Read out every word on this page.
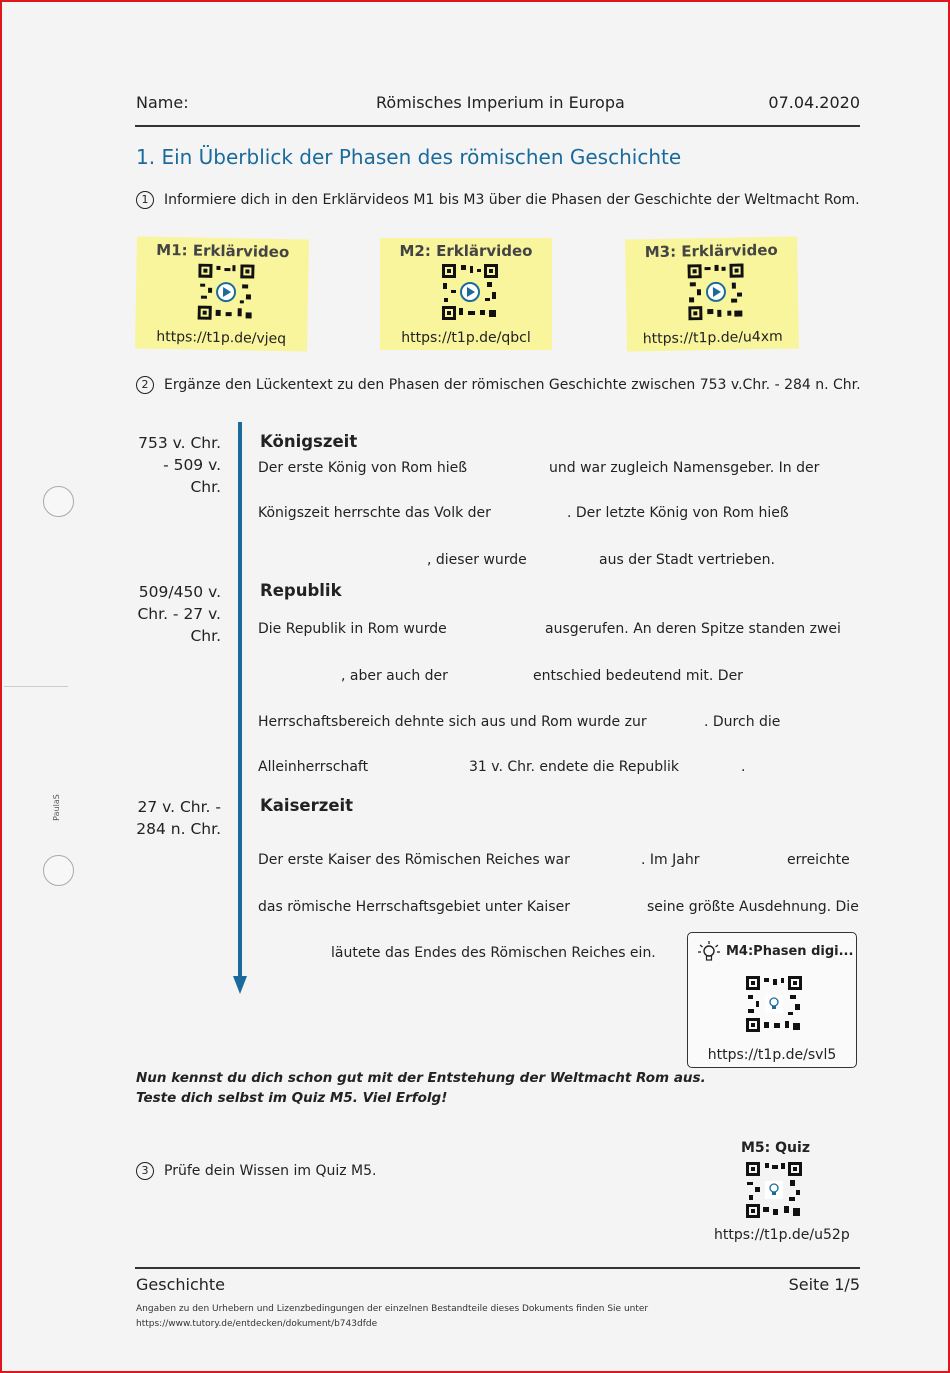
Name:	Römisches Imperium in Europa	07.04.2020
1. Ein Überblick der Phasen des römischen Geschichte
1 Informiere dich in den Erklärvideos M1 bis M3 über die Phasen der Geschichte der Weltmacht Rom.
M1: Erklärvideo
https://t1p.de/vjeq
M2: Erklärvideo
https://t1p.de/qbcl
M3: Erklärvideo
https://t1p.de/u4xm
2 Ergänze den Lückentext zu den Phasen der römischen Geschichte zwischen 753 v.Chr. - 284 n. Chr.
753 v. Chr.
- 509 v.
Chr.
Königszeit
Der erste König von Rom hieß	und war zugleich Namensgeber. In der
Königszeit herrschte das Volk der	. Der letzte König von Rom hieß
, dieser wurde	aus der Stadt vertrieben.
509/450 v.
Chr. - 27 v.
Chr.
Republik
Die Republik in Rom wurde	ausgerufen. An deren Spitze standen zwei
, aber auch der	entschied bedeutend mit. Der
Herrschaftsbereich dehnte sich aus und Rom wurde zur	. Durch die
Alleinherrschaft	31 v. Chr. endete die Republik	.
27 v. Chr. -
284 n. Chr.
Kaiserzeit
Der erste Kaiser des Römischen Reiches war	. Im Jahr	erreichte
das römische Herrschaftsgebiet unter Kaiser	seine größte Ausdehnung. Die
läutete das Endes des Römischen Reiches ein.	M4:Phasen digi...
https://t1p.de/svl5
Nun kennst du dich schon gut mit der Entstehung der Weltmacht Rom aus.
Teste dich selbst im Quiz M5. Viel Erfolg!
3 Prüfe dein Wissen im Quiz M5.
M5: Quiz
https://t1p.de/u52p
PaulaS
Geschichte	Seite 1/5
Angaben zu den Urhebern und Lizenzbedingungen der einzelnen Bestandteile dieses Dokuments finden Sie unter
https://www.tutory.de/entdecken/dokument/b743dfde
